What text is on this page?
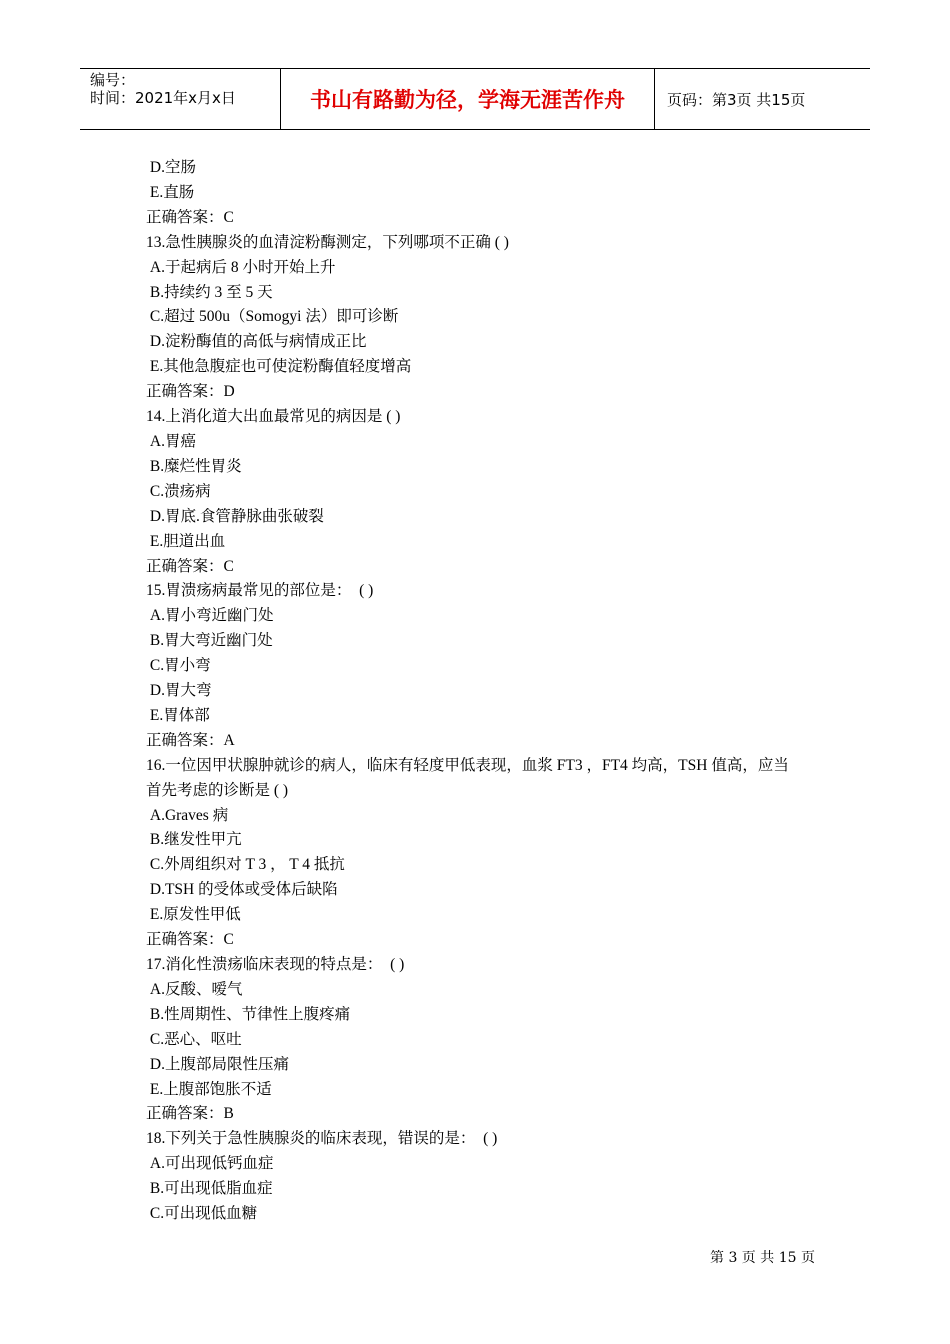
编号：
时间：2021年x月x日	书山有路勤为径，学海无涯苦作舟	页码：第3页 共15页
D.空肠
E.直肠
正确答案：C
13.急性胰腺炎的血清淀粉酶测定，下列哪项不正确 ( )
A.于起病后 8 小时开始上升
B.持续约 3 至 5 天
C.超过 500u（Somogyi 法）即可诊断
D.淀粉酶值的高低与病情成正比
E.其他急腹症也可使淀粉酶值轻度增高
正确答案：D
14.上消化道大出血最常见的病因是 ( )
A.胃癌
B.糜烂性胃炎
C.溃疡病
D.胃底.食管静脉曲张破裂
E.胆道出血
正确答案：C
15.胃溃疡病最常见的部位是：  ( )
A.胃小弯近幽门处
B.胃大弯近幽门处
C.胃小弯
D.胃大弯
E.胃体部
正确答案：A
16.一位因甲状腺肿就诊的病人，临床有轻度甲低表现，血浆 FT3 ，FT4 均高，TSH 值高，应当
首先考虑的诊断是 ( )
A.Graves 病
B.继发性甲亢
C.外周组织对 T 3 ， T 4 抵抗
D.TSH 的受体或受体后缺陷
E.原发性甲低
正确答案：C
17.消化性溃疡临床表现的特点是：  ( )
A.反酸、嗳气
B.性周期性、节律性上腹疼痛
C.恶心、呕吐
D.上腹部局限性压痛
E.上腹部饱胀不适
正确答案：B
18.下列关于急性胰腺炎的临床表现，错误的是：  ( )
A.可出现低钙血症
B.可出现低脂血症
C.可出现低血糖
第 3 页 共 15 页
